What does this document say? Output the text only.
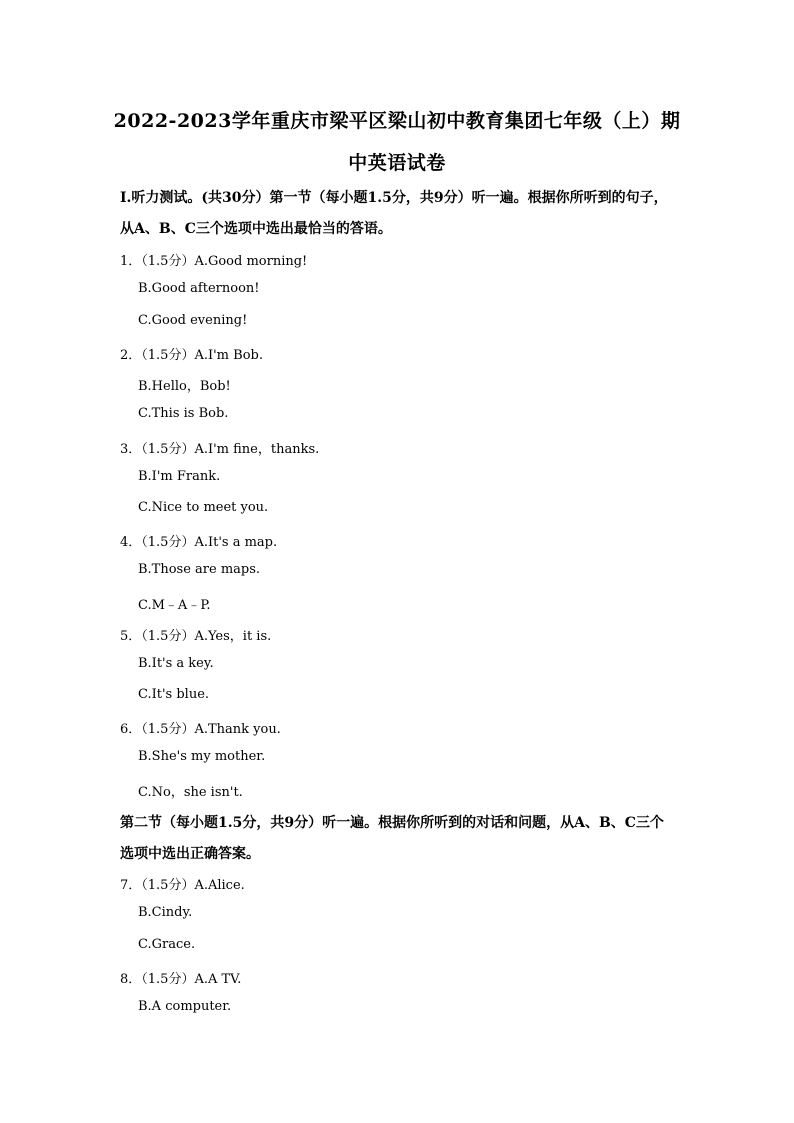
2022-2023学年重庆市梁平区梁山初中教育集团七年级（上）期
中英语试卷
Ⅰ.听力测试。(共30分）第一节（每小题1.5分，共9分）听一遍。根据你所听到的句子，
从A、B、C三个选项中选出最恰当的答语。
1．（1.5分）A.Good morning!
B.Good afternoon!
C.Good evening!
2．（1.5分）A.I'm Bob.
B.Hello，Bob!
C.This is Bob.
3．（1.5分）A.I'm fine，thanks.
B.I'm Frank.
C.Nice to meet you.
4．（1.5分）A.It's a map.
B.Those are maps.
C.M﹣A﹣P.
5．（1.5分）A.Yes，it is.
B.It's a key.
C.It's blue.
6．（1.5分）A.Thank you.
B.She's my mother.
C.No，she isn't.
第二节（每小题1.5分，共9分）听一遍。根据你所听到的对话和问题，从A、B、C三个
选项中选出正确答案。
7．（1.5分）A.Alice.
B.Cindy.
C.Grace.
8．（1.5分）A.A TV.
B.A computer.
